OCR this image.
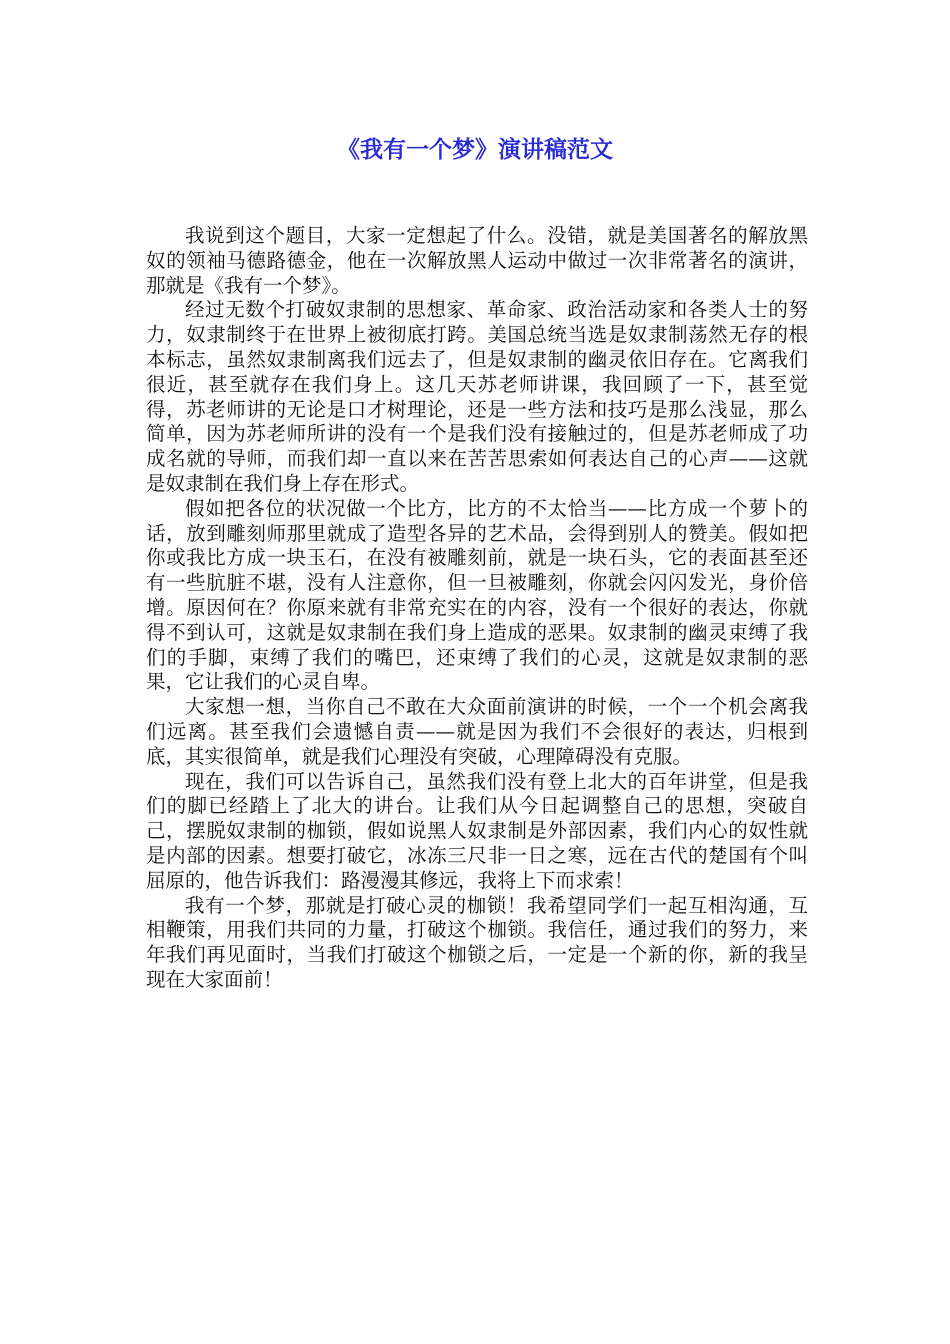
《我有一个梦》演讲稿范文

我说到这个题目，大家一定想起了什么。没错，就是美国著名的解放黑奴的领袖马德路德金，他在一次解放黑人运动中做过一次非常著名的演讲，那就是《我有一个梦》。

经过无数个打破奴隶制的思想家、革命家、政治活动家和各类人士的努力，奴隶制终于在世界上被彻底打跨。美国总统当选是奴隶制荡然无存的根本标志，虽然奴隶制离我们远去了，但是奴隶制的幽灵依旧存在。它离我们很近，甚至就存在我们身上。这几天苏老师讲课，我回顾了一下，甚至觉得，苏老师讲的无论是口才树理论，还是一些方法和技巧是那么浅显，那么简单，因为苏老师所讲的没有一个是我们没有接触过的，但是苏老师成了功成名就的导师，而我们却一直以来在苦苦思索如何表达自己的心声——这就是奴隶制在我们身上存在形式。

假如把各位的状况做一个比方，比方的不太恰当——比方成一个萝卜的话，放到雕刻师那里就成了造型各异的艺术品，会得到别人的赞美。假如把你或我比方成一块玉石，在没有被雕刻前，就是一块石头，它的表面甚至还有一些肮脏不堪，没有人注意你，但一旦被雕刻，你就会闪闪发光，身价倍增。原因何在？你原来就有非常充实在的内容，没有一个很好的表达，你就得不到认可，这就是奴隶制在我们身上造成的恶果。奴隶制的幽灵束缚了我们的手脚，束缚了我们的嘴巴，还束缚了我们的心灵，这就是奴隶制的恶果，它让我们的心灵自卑。

大家想一想，当你自己不敢在大众面前演讲的时候，一个一个机会离我们远离。甚至我们会遗憾自责——就是因为我们不会很好的表达，归根到底，其实很简单，就是我们心理没有突破，心理障碍没有克服。

现在，我们可以告诉自己，虽然我们没有登上北大的百年讲堂，但是我们的脚已经踏上了北大的讲台。让我们从今日起调整自己的思想，突破自己，摆脱奴隶制的枷锁，假如说黑人奴隶制是外部因素，我们内心的奴性就是内部的因素。想要打破它，冰冻三尺非一日之寒，远在古代的楚国有个叫屈原的，他告诉我们：路漫漫其修远，我将上下而求索！

我有一个梦，那就是打破心灵的枷锁！我希望同学们一起互相沟通，互相鞭策，用我们共同的力量，打破这个枷锁。我信任，通过我们的努力，来年我们再见面时，当我们打破这个枷锁之后，一定是一个新的你，新的我呈现在大家面前！
